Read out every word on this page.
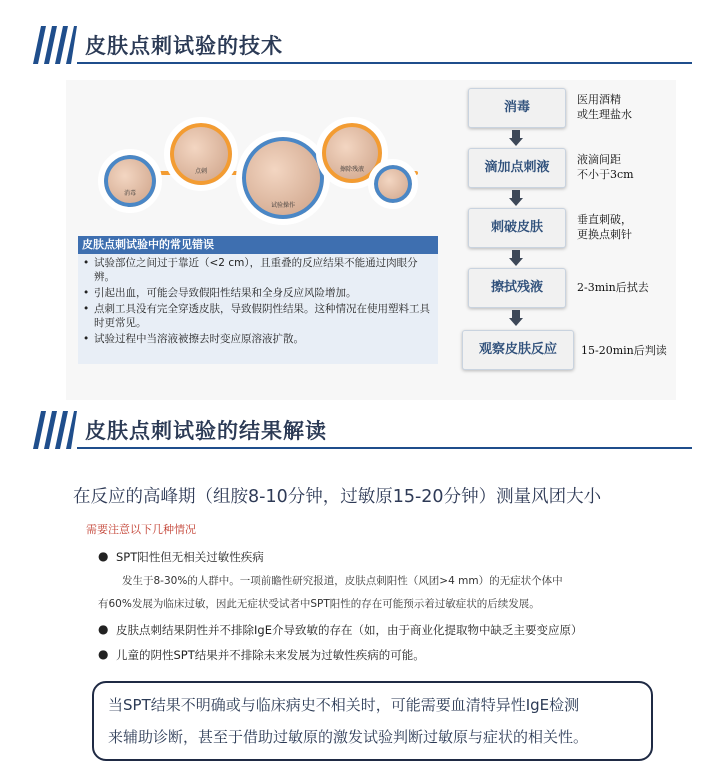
皮肤点刺试验的技术
消毒
点刺
试验操作
擦除残液
皮肤点刺试验中的常见错误
• 试验部位之间过于靠近（<2 cm），且重叠的反应结果不能通过肉眼分辨。
• 引起出血，可能会导致假阳性结果和全身反应风险增加。
• 点刺工具没有完全穿透皮肤，导致假阴性结果。这种情况在使用塑料工具时更常见。
• 试验过程中当溶液被擦去时变应原溶液扩散。
消毒
医用酒精
或生理盐水
滴加点刺液
液滴间距
不小于3cm
刺破皮肤
垂直刺破，
更换点刺针
擦拭残液	2-3min后拭去
观察皮肤反应	15-20min后判读
皮肤点刺试验的结果解读
在反应的高峰期（组胺8-10分钟，过敏原15-20分钟）测量风团大小
需要注意以下几种情况
● SPT阳性但无相关过敏性疾病
发生于8-30%的人群中。一项前瞻性研究报道，皮肤点刺阳性（风团>4 mm）的无症状个体中
有60%发展为临床过敏，因此无症状受试者中SPT阳性的存在可能预示着过敏症状的后续发展。
● 皮肤点刺结果阴性并不排除IgE介导致敏的存在（如，由于商业化提取物中缺乏主要变应原）
● 儿童的阴性SPT结果并不排除未来发展为过敏性疾病的可能。
当SPT结果不明确或与临床病史不相关时，可能需要血清特异性IgE检测
来辅助诊断，甚至于借助过敏原的激发试验判断过敏原与症状的相关性。
